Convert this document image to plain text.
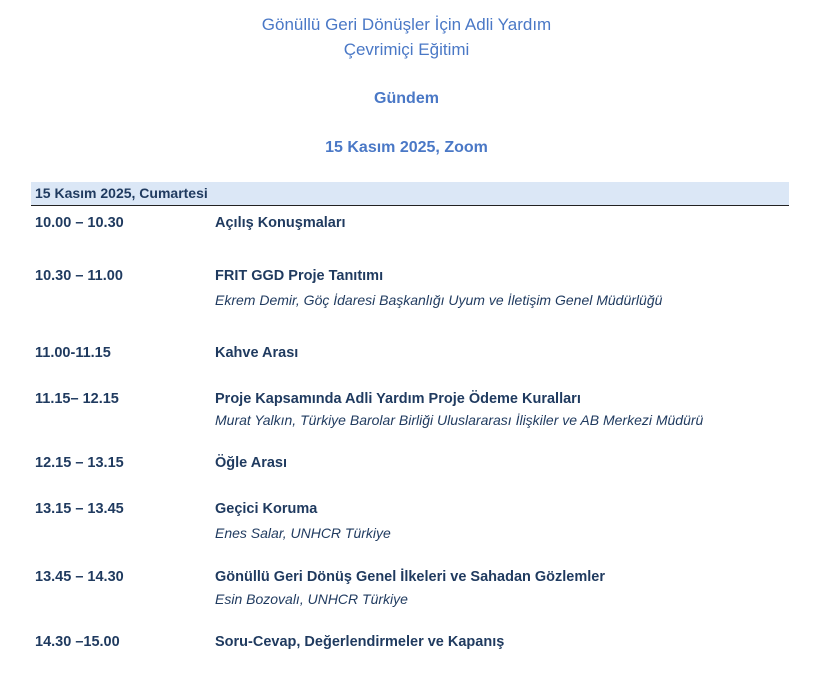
Gönüllü Geri Dönüşler İçin Adli Yardım
Çevrimiçi Eğitimi
Gündem
15 Kasım 2025, Zoom
15 Kasım 2025, Cumartesi
10.00 – 10.30	Açılış Konuşmaları
10.30 – 11.00	FRIT GGD Proje Tanıtımı
Ekrem Demir, Göç İdaresi Başkanlığı Uyum ve İletişim Genel Müdürlüğü
11.00-11.15	Kahve Arası
11.15– 12.15	Proje Kapsamında Adli Yardım Proje Ödeme Kuralları
Murat Yalkın, Türkiye Barolar Birliği Uluslararası İlişkiler ve AB Merkezi Müdürü
12.15 – 13.15	Öğle Arası
13.15 – 13.45	Geçici Koruma
Enes Salar, UNHCR Türkiye
13.45 – 14.30	Gönüllü Geri Dönüş Genel İlkeleri ve Sahadan Gözlemler
Esin Bozovalı, UNHCR Türkiye
14.30 –15.00	Soru-Cevap, Değerlendirmeler ve Kapanış
